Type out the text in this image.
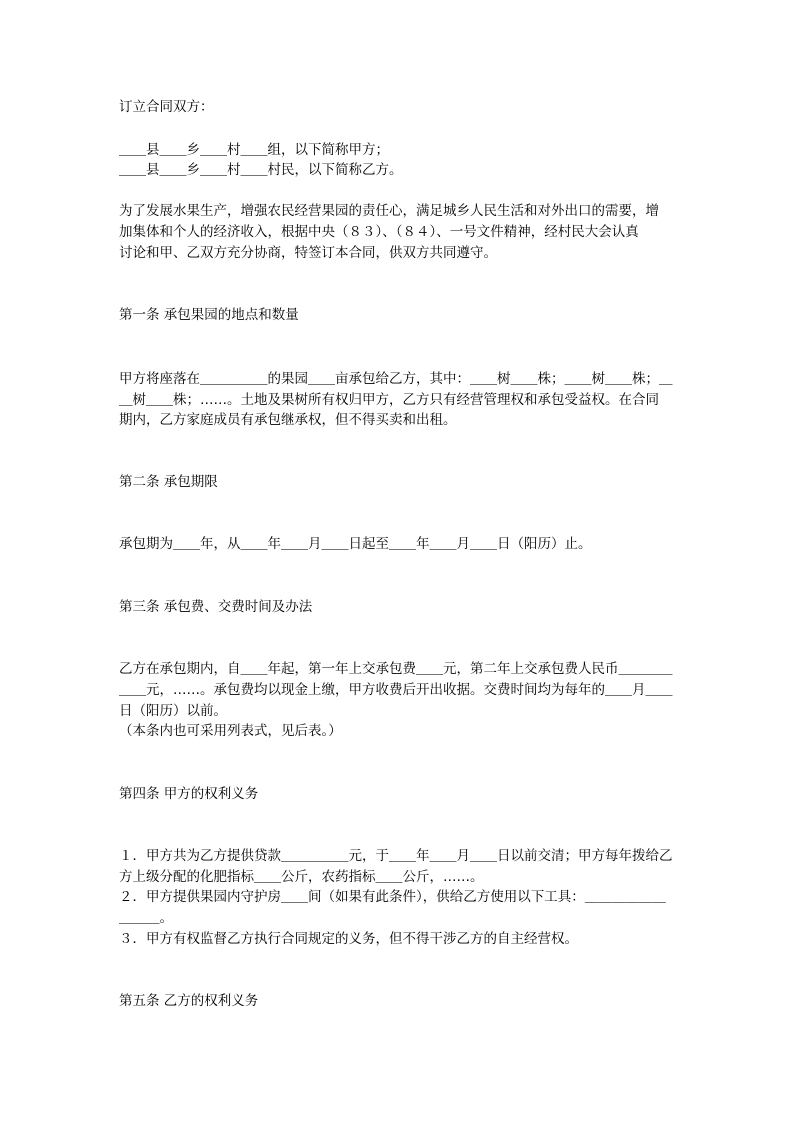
订立合同双方：
＿＿县＿＿乡＿＿村＿＿组，以下简称甲方；
＿＿县＿＿乡＿＿村＿＿村民，以下简称乙方。
为了发展水果生产，增强农民经营果园的责任心，满足城乡人民生活和对外出口的需要，增
加集体和个人的经济收入，根据中央（８３）、（８４）、一号文件精神，经村民大会认真
讨论和甲、乙双方充分协商，特签订本合同，供双方共同遵守。
第一条 承包果园的地点和数量
甲方将座落在＿＿＿＿＿的果园＿＿亩承包给乙方，其中：＿＿树＿＿株；＿＿树＿＿株；＿
＿树＿＿株；……。土地及果树所有权归甲方，乙方只有经营管理权和承包受益权。在合同
期内，乙方家庭成员有承包继承权，但不得买卖和出租。
第二条 承包期限
承包期为＿＿年，从＿＿年＿＿月＿＿日起至＿＿年＿＿月＿＿日（阳历）止。
第三条 承包费、交费时间及办法
乙方在承包期内，自＿＿年起，第一年上交承包费＿＿元，第二年上交承包费人民币＿＿＿＿
＿＿元，……。承包费均以现金上缴，甲方收费后开出收据。交费时间均为每年的＿＿月＿＿
日（阳历）以前。
（本条内也可采用列表式，见后表。）
第四条 甲方的权利义务
１．甲方共为乙方提供贷款＿＿＿＿＿元，于＿＿年＿＿月＿＿日以前交清；甲方每年拨给乙
方上级分配的化肥指标＿＿公斤，农药指标＿＿公斤，……。
２．甲方提供果园内守护房＿＿间（如果有此条件），供给乙方使用以下工具：＿＿＿＿＿＿
＿＿＿。
３．甲方有权监督乙方执行合同规定的义务，但不得干涉乙方的自主经营权。
第五条 乙方的权利义务
